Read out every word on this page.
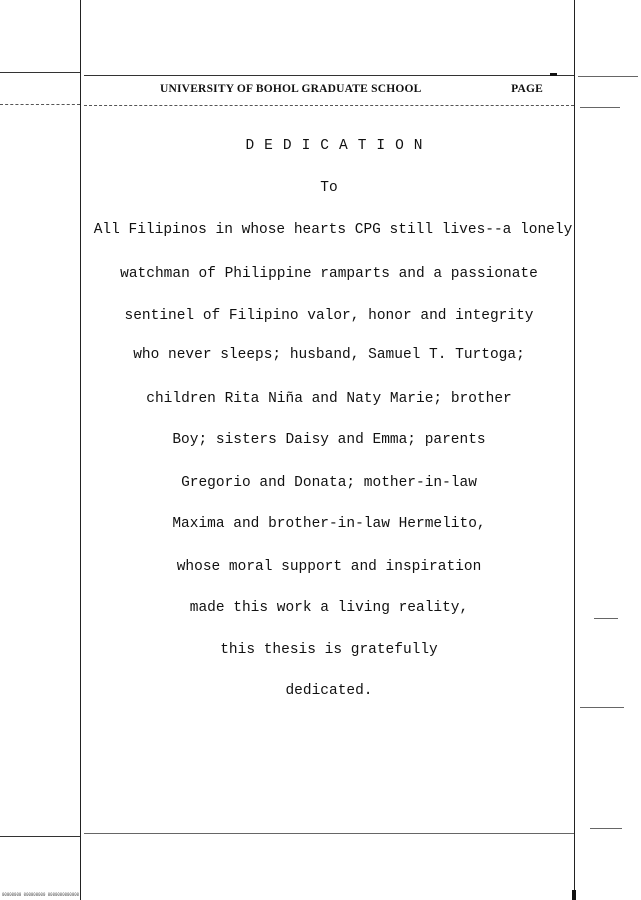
UNIVERSITY OF BOHOL GRADUATE SCHOOL	PAGE
DEDICATION
To
All Filipinos in whose hearts CPG still lives--a lonely
watchman of Philippine ramparts and a passionate
sentinel of Filipino valor, honor and integrity
who never sleeps; husband, Samuel T. Turtoga;
children Rita Niña and Naty Marie; brother
Boy; sisters Daisy and Emma; parents
Gregorio and Donata; mother-in-law
Maxima and brother-in-law Hermelito,
whose moral support and inspiration
made this work a living reality,
this thesis is gratefully
dedicated.
00000000 000000000 0000000000000
